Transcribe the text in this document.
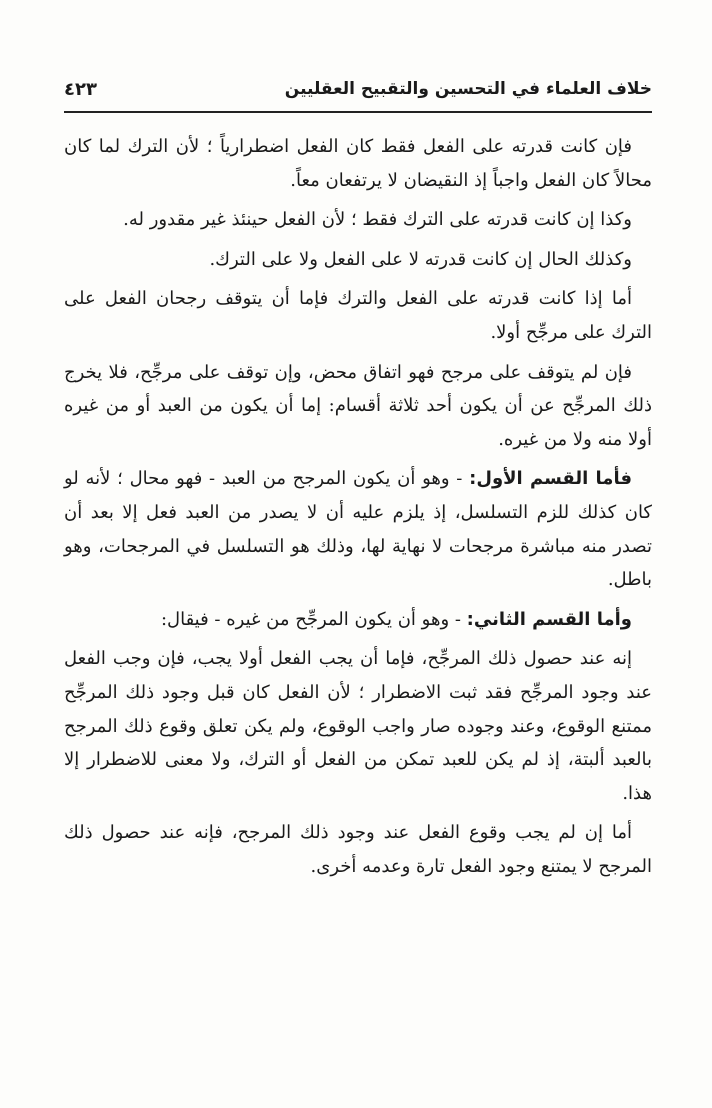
خلاف العلماء في التحسين والتقبيح العقليين
٤٢٣

فإن كانت قدرته على الفعل فقط كان الفعل اضطرارياً ؛ لأن الترك لما كان محالاً كان الفعل واجباً إذ النقيضان لا يرتفعان معاً.

وكذا إن كانت قدرته على الترك فقط ؛ لأن الفعل حينئذ غير مقدور له.

وكذلك الحال إن كانت قدرته لا على الفعل ولا على الترك.

أما إذا كانت قدرته على الفعل والترك فإما أن يتوقف رجحان الفعل على الترك على مرجِّح أولا.

فإن لم يتوقف على مرجح فهو اتفاق محض، وإن توقف على مرجِّح، فلا يخرج ذلك المرجِّح عن أن يكون أحد ثلاثة أقسام: إما أن يكون من العبد أو من غيره أولا منه ولا من غيره.

فأما القسم الأول: - وهو أن يكون المرجح من العبد - فهو محال ؛ لأنه لو كان كذلك للزم التسلسل، إذ يلزم عليه أن لا يصدر من العبد فعل إلا بعد أن تصدر منه مباشرة مرجحات لا نهاية لها، وذلك هو التسلسل في المرجحات، وهو باطل.

وأما القسم الثاني: - وهو أن يكون المرجِّح من غيره - فيقال:

إنه عند حصول ذلك المرجِّح، فإما أن يجب الفعل أولا يجب، فإن وجب الفعل عند وجود المرجِّح فقد ثبت الاضطرار ؛ لأن الفعل كان قبل وجود ذلك المرجِّح ممتنع الوقوع، وعند وجوده صار واجب الوقوع، ولم يكن تعلق وقوع ذلك المرجح بالعبد ألبتة، إذ لم يكن للعبد تمكن من الفعل أو الترك، ولا معنى للاضطرار إلا هذا.

أما إن لم يجب وقوع الفعل عند وجود ذلك المرجح، فإنه عند حصول ذلك المرجح لا يمتنع وجود الفعل تارة وعدمه أخرى.
